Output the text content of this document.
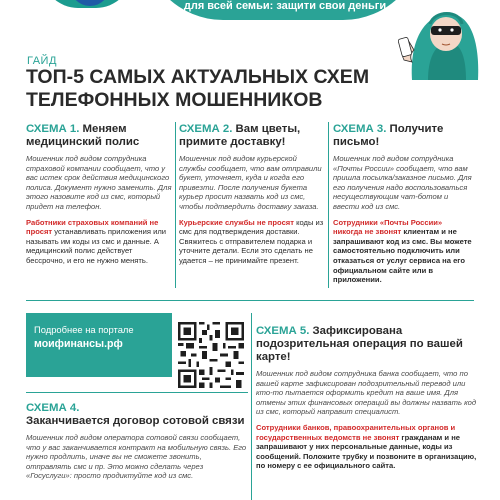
для всей семьи: защити свои деньги
ГАЙД
ТОП-5 САМЫХ АКТУАЛЬНЫХ СХЕМ
ТЕЛЕФОННЫХ МОШЕННИКОВ
СХЕМА 1. Меняем медицинский полис
Мошенник под видом сотрудника страховой компании сообщает, что у вас истек срок действия медицинского полиса. Документ нужно заменить. Для этого назовите код из смс, который придет на телефон.
Работники страховых компаний не просят устанавливать приложения или называть им коды из смс и данные. А медицинский полис действует бессрочно, и его не нужно менять.
СХЕМА 2. Вам цветы, примите доставку!
Мошенник под видом курьерской службы сообщает, что вам отправили букет, уточняет, куда и когда его привезти. После получения букета курьер просит назвать код из смс, чтобы подтвердить доставку заказа.
Курьерские службы не просят коды из смс для подтверждения доставки. Свяжитесь с отправителем подарка и уточните детали. Если это сделать не удается – не принимайте презент.
СХЕМА 3. Получите письмо!
Мошенник под видом сотрудника «Почты России» сообщает, что вам пришла посылка/заказное письмо. Для его получения надо воспользоваться несуществующим чат-ботом и ввести код из смс.
Сотрудники «Почты России» никогда не звонят клиентам и не запрашивают код из смс. Вы можете самостоятельно подключить или отказаться от услуг сервиса на его официальном сайте или в приложении.
Подробнее на портале
моифинансы.рф
СХЕМА 4.
Заканчивается договор сотовой связи
Мошенник под видом оператора сотовой связи сообщает, что у вас заканчивается контракт на мобильную связь. Его нужно продлить, иначе вы не сможете звонить, отправлять смс и пр. Это можно сделать через «Госуслуги»: просто продиктуйте код из смс.
СХЕМА 5. Зафиксирована подозрительная операция по вашей карте!
Мошенник под видом сотрудника банка сообщает, что по вашей карте зафиксирован подозрительный перевод или кто-то пытается оформить кредит на ваше имя. Для отмены этих финансовых операций вы должны назвать код из смс, который направит специалист.
Сотрудники банков, правоохранительных органов и государственных ведомств не звонят гражданам и не запрашивают у них персональные данные, коды из сообщений. Положите трубку и позвоните в организацию, по номеру с ее официального сайта.
